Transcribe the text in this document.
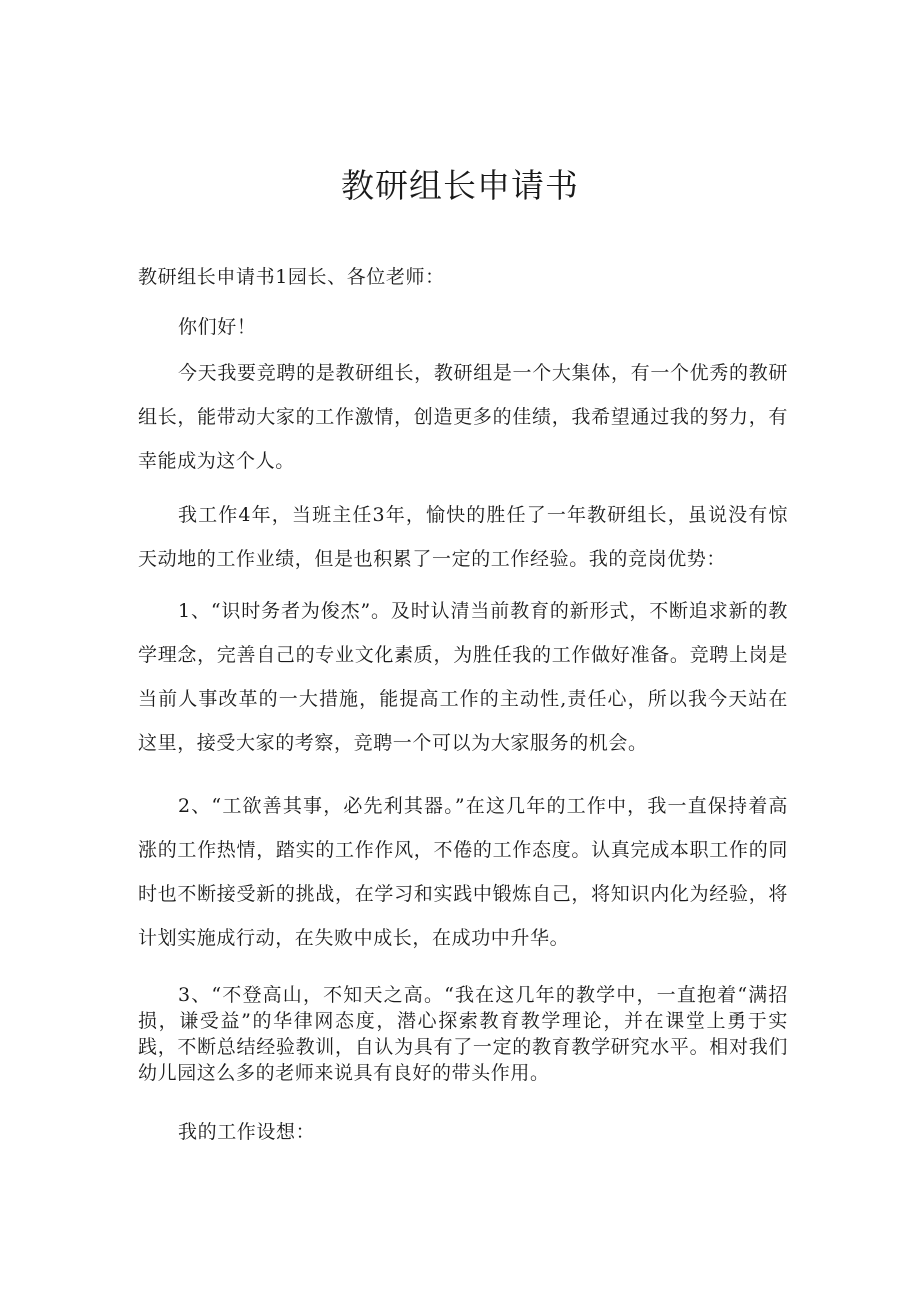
教研组长申请书

教研组长申请书1园长、各位老师：

你们好！

今天我要竞聘的是教研组长，教研组是一个大集体，有一个优秀的教研组长，能带动大家的工作激情，创造更多的佳绩，我希望通过我的努力，有幸能成为这个人。

我工作4年，当班主任3年，愉快的胜任了一年教研组长，虽说没有惊天动地的工作业绩，但是也积累了一定的工作经验。我的竞岗优势：

1、“识时务者为俊杰”。及时认清当前教育的新形式，不断追求新的教学理念，完善自己的专业文化素质，为胜任我的工作做好准备。竞聘上岗是当前人事改革的一大措施，能提高工作的主动性,责任心，所以我今天站在这里，接受大家的考察，竞聘一个可以为大家服务的机会。

2、“工欲善其事，必先利其器。”在这几年的工作中，我一直保持着高涨的工作热情，踏实的工作作风，不倦的工作态度。认真完成本职工作的同时也不断接受新的挑战，在学习和实践中锻炼自己，将知识内化为经验，将计划实施成行动，在失败中成长，在成功中升华。

3、“不登高山，不知天之高。“我在这几年的教学中，一直抱着“满招损，谦受益”的华律网态度，潜心探索教育教学理论，并在课堂上勇于实践，不断总结经验教训，自认为具有了一定的教育教学研究水平。相对我们幼儿园这么多的老师来说具有良好的带头作用。

我的工作设想：
